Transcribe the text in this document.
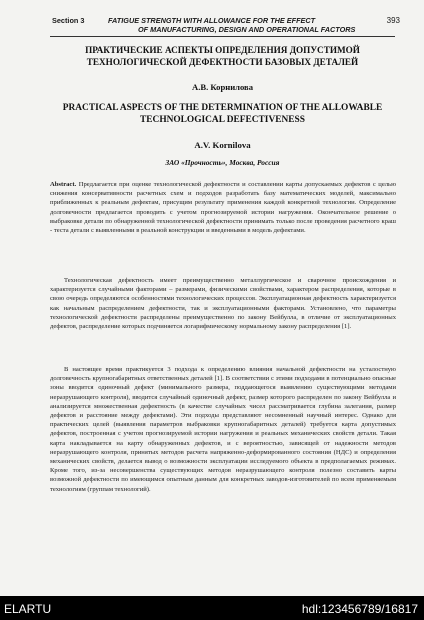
Section 3	FATIGUE STRENGTH WITH ALLOWANCE FOR THE EFFECT
OF MANUFACTURING, DESIGN AND OPERATIONAL FACTORS
393
ПРАКТИЧЕСКИЕ АСПЕКТЫ ОПРЕДЕЛЕНИЯ ДОПУСТИМОЙ ТЕХНОЛОГИЧЕСКОЙ ДЕФЕКТНОСТИ БАЗОВЫХ ДЕТАЛЕЙ
А.В. Корнилова
PRACTICAL ASPECTS OF THE DETERMINATION OF THE ALLOWABLE TECHNOLOGICAL DEFECTIVENESS
A.V. Kornilova
ЗАО «Прочность», Москва, Россия
Abstract. Предлагается при оценке технологической дефектности и составлении карты допускаемых дефектов с целью снижения консервативности расчетных схем и подходов разработать базу математических моделей, максимально приближенных к реальным дефектам, присущим результату применения каждой конкретной технологии. Определение долговечности предлагается проводить с учетом прогнозируемой истории нагружения. Окончательное решение о выбраковке детали по обнаруженной технологической дефектности принимать только после проведения расчетного краш - теста детали с выявленными в реальной конструкции и введенными в модель дефектами.
Технологическая дефектность имеет преимущественно металлургическое и сварочное происхождения и характеризуется случайными факторами – размерами, физическими свойствами, характером распределения, которые в свою очередь определяются особенностями технологических процессов. Эксплуатационная дефектность характеризуется как начальным распределением дефектности, так и эксплуатационными факторами. Установлено, что параметры технологической дефектности распределены преимущественно по закону Вейбулла, в отличие от эксплуатационных дефектов, распределение которых подчиняется логарифмическому нормальному закону распределения [1].
В настоящее время практикуется 3 подхода к определению влияния начальной дефектности на усталостную долговечность крупногабаритных ответственных деталей [1]. В соответствии с этими подходами в потенциально опасные зоны вводится одиночный дефект (минимального размера, поддающегося выявлению существующими методами неразрушающего контроля), вводится случайный одиночный дефект, размер которого распределен по закону Вейбулла и анализируется множественная дефектность (в качестве случайных чисел рассматривается глубина залегания, размер дефектов и расстояние между дефектами). Эти подходы представляют несомненный научный интерес. Однако для практических целей (выявления параметров выбраковки крупногабаритных деталей) требуется карта допустимых дефектов, построенная с учетом прогнозируемой истории нагружения и реальных механических свойств детали. Такая карта накладывается на карту обнаруженных дефектов, и с вероятностью, зависящей от надежности методов неразрушающего контроля, принятых методов расчета напряженно-деформированного состояния (НДС) и определения механических свойств, делается вывод о возможности эксплуатации исследуемого объекта в предполагаемых режимах. Кроме того, из-за несовершенства существующих методов неразрушающего контроля полезно составить карты возможной дефектности по имеющимся опытным данным для конкретных заводов-изготовителей по всем применяемым технологиям (группам технологий).
ELARTU	hdl:123456789/16817
